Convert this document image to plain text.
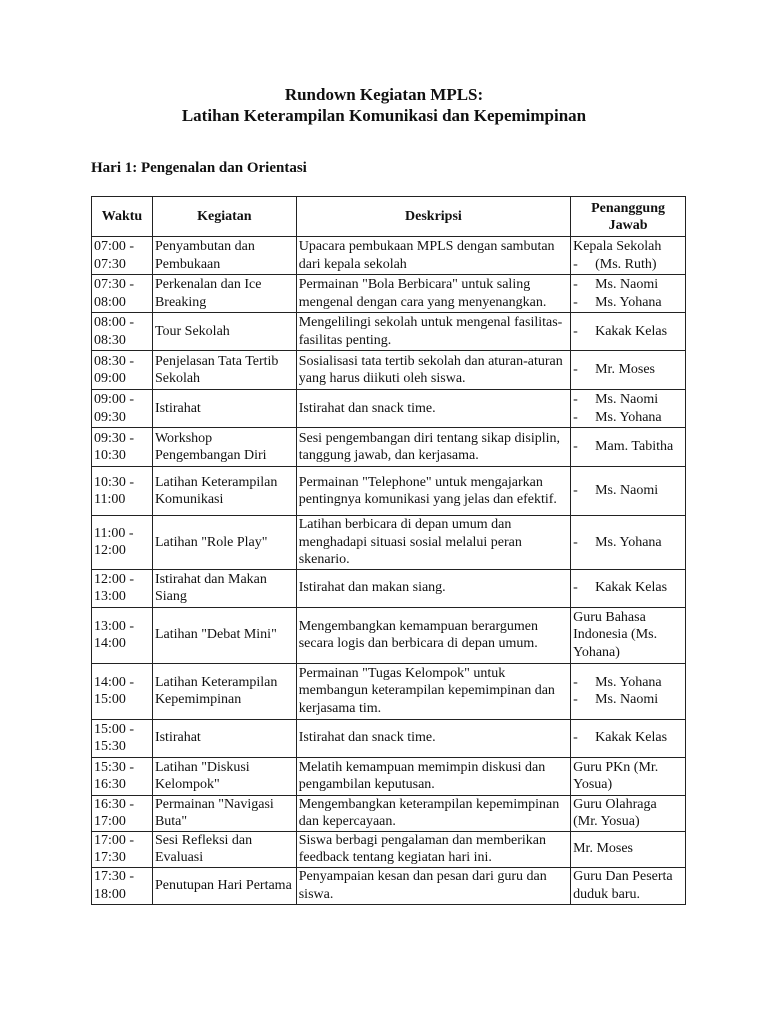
Rundown Kegiatan MPLS:
Latihan Keterampilan Komunikasi dan Kepemimpinan
Hari 1: Pengenalan dan Orientasi
Waktu	Kegiatan	Deskripsi	Penanggung Jawab
07:00 - 07:30	Penyambutan dan Pembukaan	Upacara pembukaan MPLS dengan sambutan dari kepala sekolah	Kepala Sekolah
- (Ms. Ruth)

07:30 - 08:00	Perkenalan dan Ice Breaking	Permainan "Bola Berbicara" untuk saling mengenal dengan cara yang menyenangkan.	- Ms. Naomi
- Ms. Yohana

08:00 - 08:30	Tour Sekolah	Mengelilingi sekolah untuk mengenal fasilitas-fasilitas penting.	- Kakak Kelas

08:30 - 09:00	Penjelasan Tata Tertib Sekolah	Sosialisasi tata tertib sekolah dan aturan-aturan yang harus diikuti oleh siswa.	- Mr. Moses

09:00 - 09:30	Istirahat	Istirahat dan snack time.	- Ms. Naomi
- Ms. Yohana

09:30 - 10:30	Workshop Pengembangan Diri	Sesi pengembangan diri tentang sikap disiplin, tanggung jawab, dan kerjasama.	- Mam. Tabitha

10:30 - 11:00	Latihan Keterampilan Komunikasi	Permainan "Telephone" untuk mengajarkan pentingnya komunikasi yang jelas dan efektif.	- Ms. Naomi

11:00 - 12:00	Latihan "Role Play"	Latihan berbicara di depan umum dan menghadapi situasi sosial melalui peran skenario.	- Ms. Yohana

12:00 - 13:00	Istirahat dan Makan Siang	Istirahat dan makan siang.	- Kakak Kelas

13:00 - 14:00	Latihan "Debat Mini"	Mengembangkan kemampuan berargumen secara logis dan berbicara di depan umum.	Guru Bahasa Indonesia (Ms. Yohana)

14:00 - 15:00	Latihan Keterampilan Kepemimpinan	Permainan "Tugas Kelompok" untuk membangun keterampilan kepemimpinan dan kerjasama tim.	- Ms. Yohana
- Ms. Naomi

15:00 - 15:30	Istirahat	Istirahat dan snack time.	- Kakak Kelas

15:30 - 16:30	Latihan "Diskusi Kelompok"	Melatih kemampuan memimpin diskusi dan pengambilan keputusan.	Guru PKn (Mr. Yosua)

16:30 - 17:00	Permainan "Navigasi Buta"	Mengembangkan keterampilan kepemimpinan dan kepercayaan.	Guru Olahraga (Mr. Yosua)

17:00 - 17:30	Sesi Refleksi dan Evaluasi	Siswa berbagi pengalaman dan memberikan feedback tentang kegiatan hari ini.	Mr. Moses

17:30 - 18:00	Penutupan Hari Pertama	Penyampaian kesan dan pesan dari guru dan siswa.	Guru Dan Peserta duduk baru.
